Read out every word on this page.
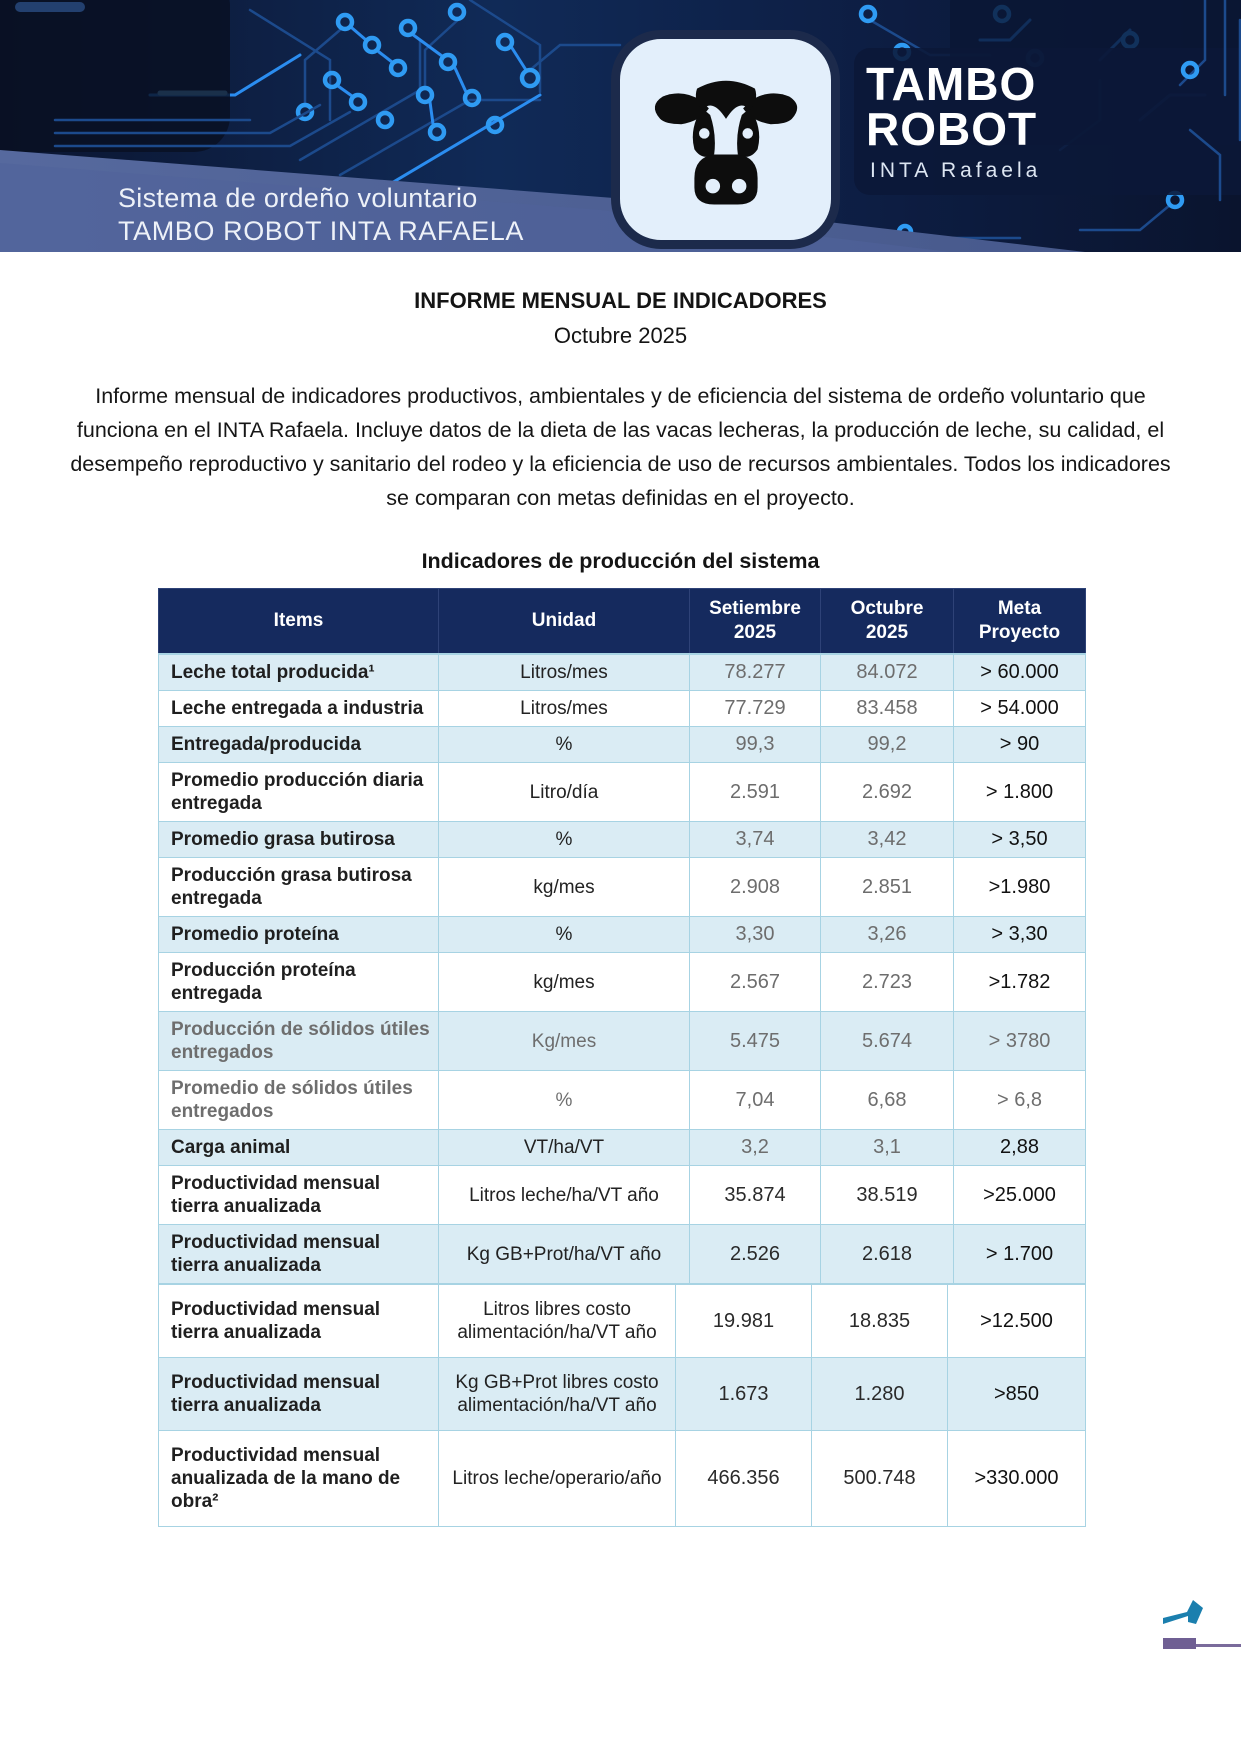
Sistema de ordeño voluntario
TAMBO ROBOT INTA RAFAELA
TAMBO
ROBOT
INTA Rafaela
INFORME MENSUAL DE INDICADORES
Octubre 2025

Informe mensual de indicadores productivos, ambientales y de eficiencia del sistema de ordeño voluntario que funciona en el INTA Rafaela. Incluye datos de la dieta de las vacas lecheras, la producción de leche, su calidad, el desempeño reproductivo y sanitario del rodeo y la eficiencia de uso de recursos ambientales. Todos los indicadores se comparan con metas definidas en el proyecto.

Indicadores de producción del sistema
Items	Unidad	Setiembre 2025	Octubre 2025	Meta Proyecto
Leche total producida¹	Litros/mes	78.277	84.072	> 60.000
Leche entregada a industria	Litros/mes	77.729	83.458	> 54.000
Entregada/producida	%	99,3	99,2	> 90
Promedio producción diaria entregada	Litro/día	2.591	2.692	> 1.800
Promedio grasa butirosa	%	3,74	3,42	> 3,50
Producción grasa butirosa entregada	kg/mes	2.908	2.851	>1.980
Promedio proteína	%	3,30	3,26	> 3,30
Producción proteína entregada	kg/mes	2.567	2.723	>1.782
Producción de sólidos útiles entregados	Kg/mes	5.475	5.674	> 3780
Promedio de sólidos útiles entregados	%	7,04	6,68	> 6,8
Carga animal	VT/ha/VT	3,2	3,1	2,88
Productividad mensual tierra anualizada	Litros leche/ha/VT año	35.874	38.519	>25.000
Productividad mensual tierra anualizada	Kg GB+Prot/ha/VT año	2.526	2.618	> 1.700
Productividad mensual tierra anualizada	Litros libres costo alimentación/ha/VT año	19.981	18.835	>12.500
Productividad mensual tierra anualizada	Kg GB+Prot libres costo alimentación/ha/VT año	1.673	1.280	>850
Productividad mensual anualizada de la mano de obra²	Litros leche/operario/año	466.356	500.748	>330.000
